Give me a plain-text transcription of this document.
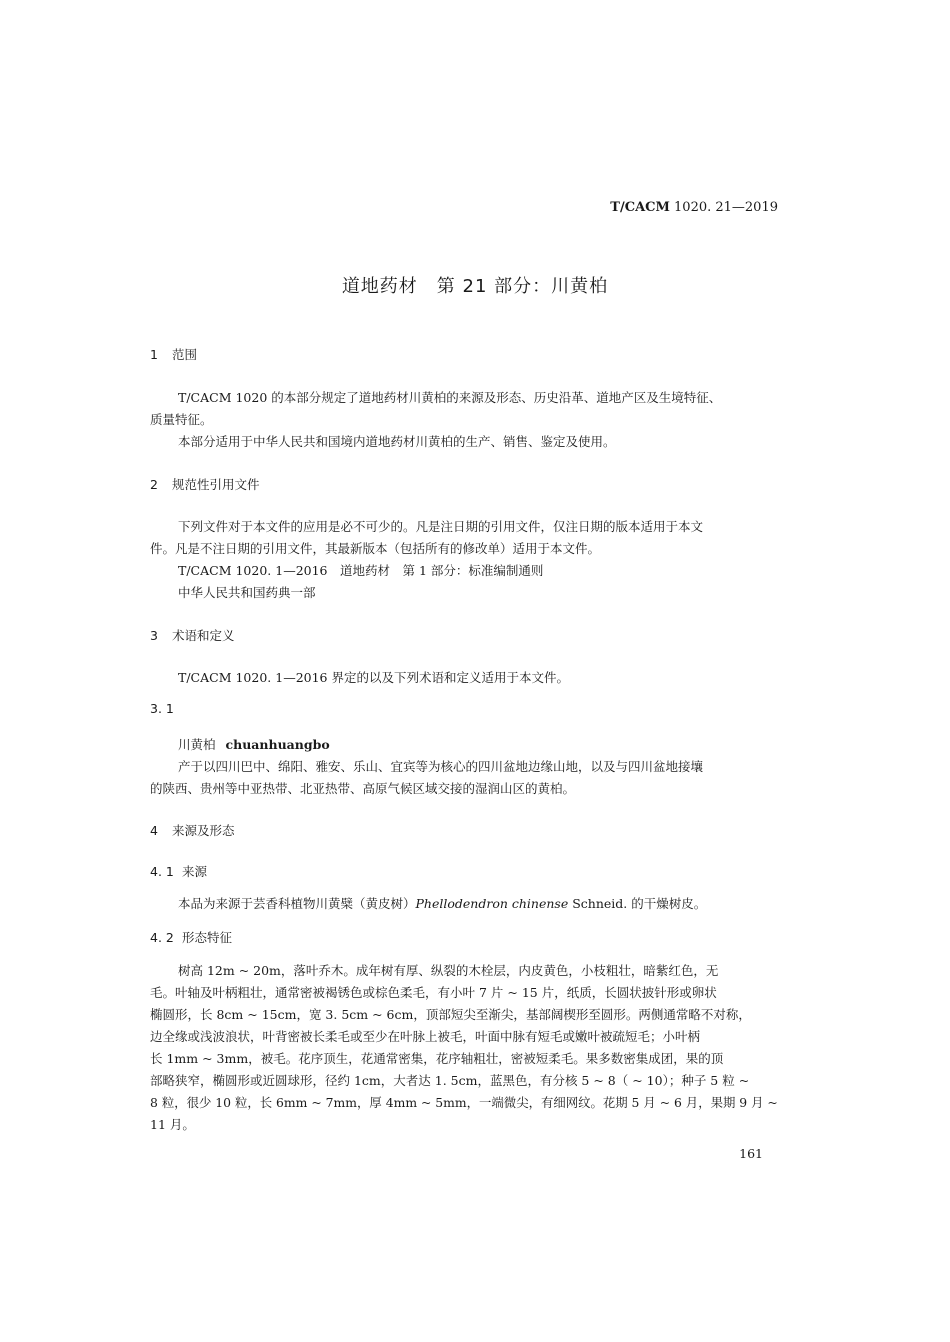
T/CACM 1020. 21—2019
道地药材　第 21 部分：川黄柏
1 范围
T/CACM 1020 的本部分规定了道地药材川黄柏的来源及形态、历史沿革、道地产区及生境特征、
质量特征。
本部分适用于中华人民共和国境内道地药材川黄柏的生产、销售、鉴定及使用。
2 规范性引用文件
下列文件对于本文件的应用是必不可少的。凡是注日期的引用文件，仅注日期的版本适用于本文
件。凡是不注日期的引用文件，其最新版本（包括所有的修改单）适用于本文件。
T/CACM 1020. 1—2016　道地药材　第 1 部分：标准编制通则
中华人民共和国药典一部
3 术语和定义
T/CACM 1020. 1—2016 界定的以及下列术语和定义适用于本文件。
3. 1
川黄柏 chuanhuangbo
产于以四川巴中、绵阳、雅安、乐山、宜宾等为核心的四川盆地边缘山地，以及与四川盆地接壤
的陕西、贵州等中亚热带、北亚热带、高原气候区域交接的湿润山区的黄柏。
4 来源及形态
4. 1 来源
本品为来源于芸香科植物川黄檗（黄皮树）Phellodendron chinense Schneid. 的干燥树皮。
4. 2 形态特征
树高 12m ~ 20m，落叶乔木。成年树有厚、纵裂的木栓层，内皮黄色，小枝粗壮，暗紫红色，无
毛。叶轴及叶柄粗壮，通常密被褐锈色或棕色柔毛，有小叶 7 片 ~ 15 片，纸质，长圆状披针形或卵状
椭圆形，长 8cm ~ 15cm，宽 3. 5cm ~ 6cm，顶部短尖至渐尖，基部阔楔形至圆形。两侧通常略不对称，
边全缘或浅波浪状，叶背密被长柔毛或至少在叶脉上被毛，叶面中脉有短毛或嫩叶被疏短毛；小叶柄
长 1mm ~ 3mm，被毛。花序顶生，花通常密集，花序轴粗壮，密被短柔毛。果多数密集成团，果的顶
部略狭窄，椭圆形或近圆球形，径约 1cm，大者达 1. 5cm，蓝黑色，有分核 5 ~ 8（ ~ 10）；种子 5 粒 ~
8 粒，很少 10 粒，长 6mm ~ 7mm，厚 4mm ~ 5mm，一端微尖，有细网纹。花期 5 月 ~ 6 月，果期 9 月 ~
11 月。
161
